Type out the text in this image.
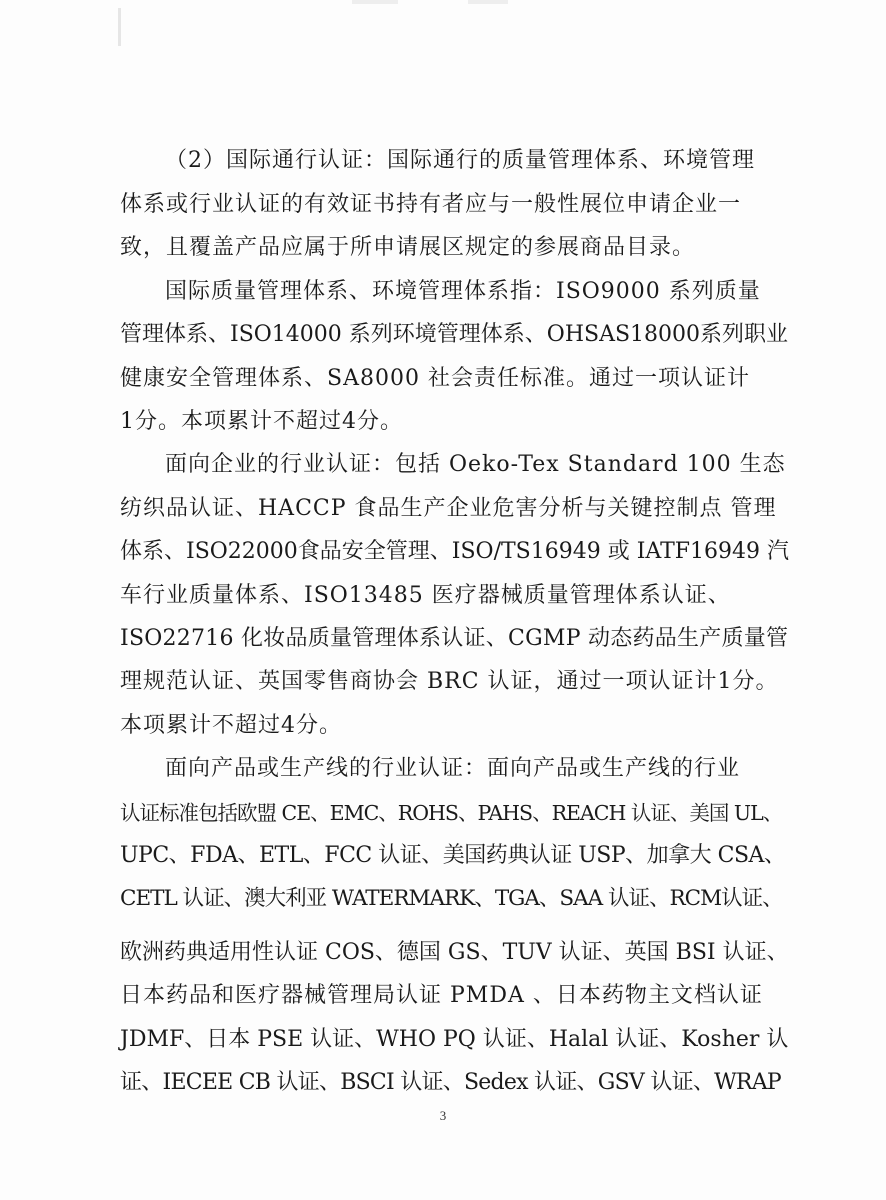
（2）国际通行认证：国际通行的质量管理体系、环境管理
体系或行业认证的有效证书持有者应与一般性展位申请企业一
致，且覆盖产品应属于所申请展区规定的参展商品目录。
国际质量管理体系、环境管理体系指：ISO9000 系列质量
管理体系、ISO14000 系列环境管理体系、OHSAS18000系列职业
健康安全管理体系、SA8000 社会责任标准。通过一项认证计
1分。本项累计不超过4分。
面向企业的行业认证：包括 Oeko-Tex Standard 100 生态
纺织品认证、HACCP 食品生产企业危害分析与关键控制点 管理
体系、ISO22000食品安全管理、ISO/TS16949 或 IATF16949 汽
车行业质量体系、ISO13485 医疗器械质量管理体系认证、
ISO22716 化妆品质量管理体系认证、CGMP 动态药品生产质量管
理规范认证、英国零售商协会 BRC 认证，通过一项认证计1分。
本项累计不超过4分。
面向产品或生产线的行业认证：面向产品或生产线的行业
认证标准包括欧盟 CE、EMC、ROHS、PAHS、REACH 认证、美国 UL、
UPC、FDA、ETL、FCC 认证、美国药典认证 USP、加拿大 CSA、
CETL 认证、澳大利亚 WATERMARK、TGA、SAA 认证、RCM认证、
欧洲药典适用性认证 COS、德国 GS、TUV 认证、英国 BSI 认证、
日本药品和医疗器械管理局认证 PMDA 、日本药物主文档认证
JDMF、日本 PSE 认证、WHO PQ 认证、Halal 认证、Kosher 认
证、IECEE CB 认证、BSCI 认证、Sedex 认证、GSV 认证、WRAP
3
